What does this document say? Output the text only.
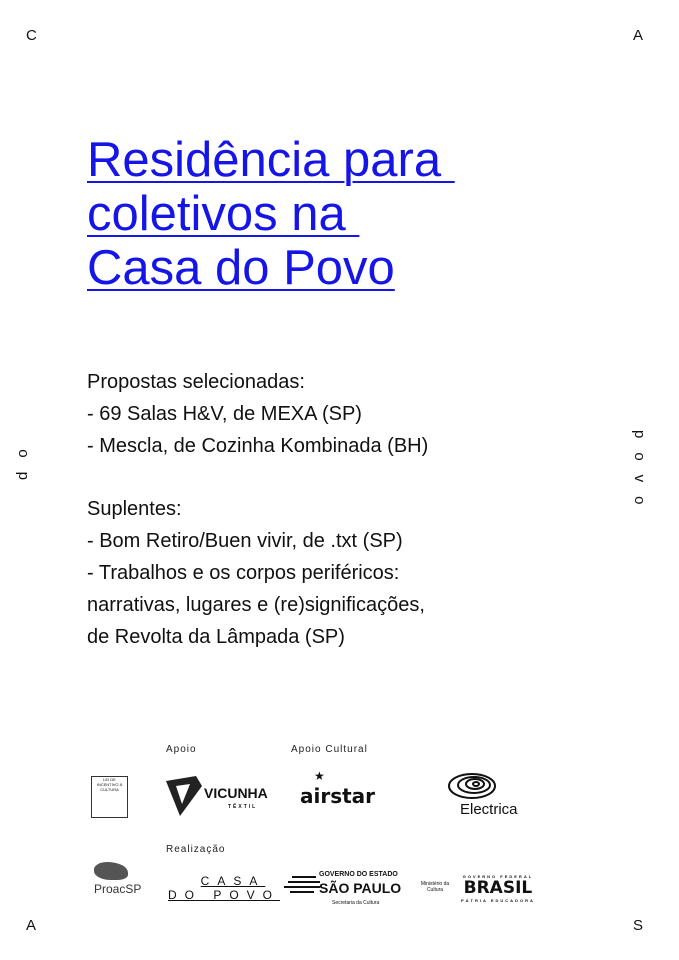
C	A
A	S
do	povo
Residência para
coletivos na
Casa do Povo
Propostas selecionadas:
- 69 Salas H&V, de MEXA (SP)
- Mescla, de Cozinha Kombinada (BH)
Suplentes:
- Bom Retiro/Buen vivir, de .txt (SP)
- Trabalhos e os corpos periféricos:
narrativas, lugares e (re)significações,
de Revolta da Lâmpada (SP)
Apoio	Apoio Cultural
Realização
LEI DE INCENTIVO À CULTURA	VICUNHA
TÊXTIL
★
airstar
Electrica
ProacSP
CASA
DO POVO
GOVERNO DO ESTADO
SÃO PAULO
Secretaria da Cultura
Ministério da Cultura
GOVERNO FEDERAL
BRASIL
PÁTRIA EDUCADORA
